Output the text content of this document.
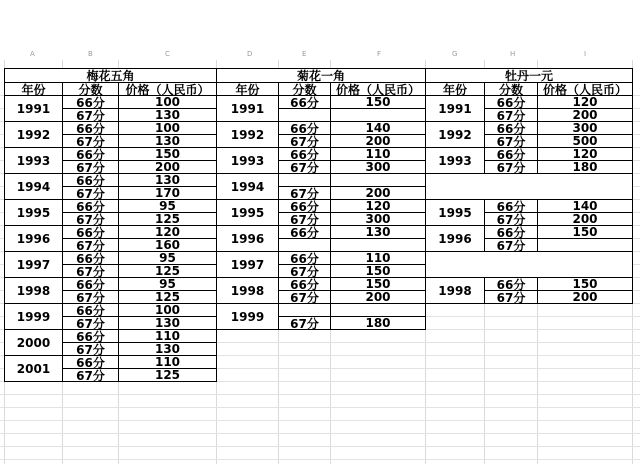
A	B	C	D	E	F	G	H	I
梅花五角
年份	分数	价格（人民币）
1991	66分	100
67分	130
1992	66分	100
67分	130
1993	66分	150
67分	200
1994	66分	130
67分	170
1995	66分	95
67分	125
1996	66分	120
67分	160
1997	66分	95
67分	125
1998	66分	95
67分	125
1999	66分	100
67分	130
2000	66分	110
67分	130
2001	66分	110
67分	125
菊花一角
年份	分数	价格（人民币）
1991	66分	150
1992	66分	140
67分	200
1993	66分	110
67分	300
1994	67分	200
1995	66分	120
67分	300
1996	66分	130
1997	66分	110
67分	150
1998	66分	150
67分	200
1999	67分	180
牡丹一元
年份	分数	价格（人民币）
1991	66分	120
67分	200
1992	66分	300
67分	500
1993	66分	120
67分	180
1995	66分	140
67分	200
1996	66分	150
67分
1998	66分	150
67分	200
